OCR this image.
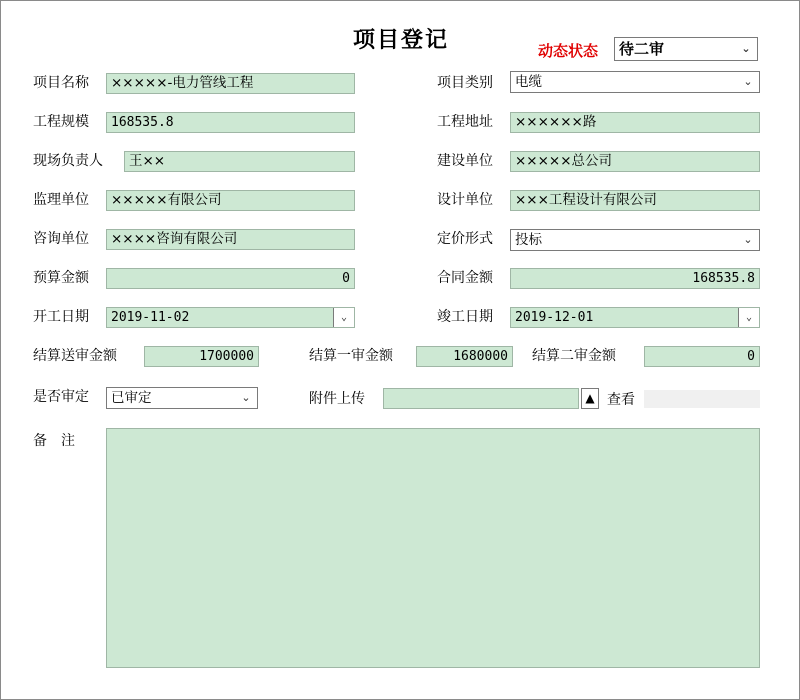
项目登记	动态状态	待二审	⌄
项目名称	×××××-电力管线工程	项目类别	电缆	⌄
工程规模	168535.8	工程地址	××××××路
现场负责人	王××	建设单位	×××××总公司
监理单位	×××××有限公司	设计单位	×××工程设计有限公司
咨询单位	××××咨询有限公司	定价形式	投标	⌄
预算金额	0	合同金额	168535.8
开工日期	2019-11-02	⌄	竣工日期	2019-12-01	⌄
结算送审金额	1700000	结算一审金额	1680000	结算二审金额	0
是否审定	已审定	⌄	附件上传	▲ 查看
备　注
